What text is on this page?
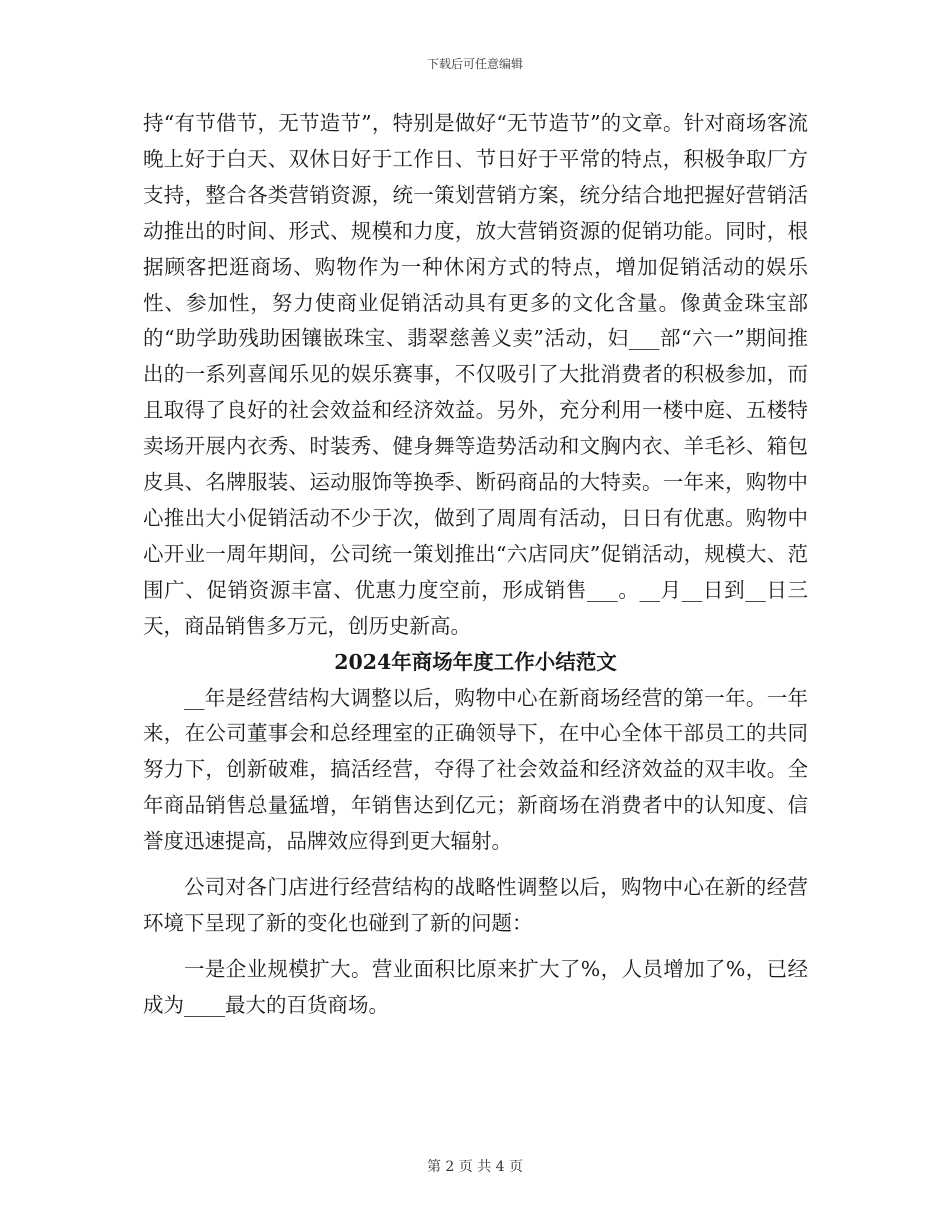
下载后可任意编辑

持“有节借节，无节造节”，特别是做好“无节造节”的文章。针对商场客流晚上好于白天、双休日好于工作日、节日好于平常的特点，积极争取厂方支持，整合各类营销资源，统一策划营销方案，统分结合地把握好营销活动推出的时间、形式、规模和力度，放大营销资源的促销功能。同时，根据顾客把逛商场、购物作为一种休闲方式的特点，增加促销活动的娱乐性、参加性，努力使商业促销活动具有更多的文化含量。像黄金珠宝部的“助学助残助困镶嵌珠宝、翡翠慈善义卖”活动，妇___部“六一”期间推出的一系列喜闻乐见的娱乐赛事，不仅吸引了大批消费者的积极参加，而且取得了良好的社会效益和经济效益。另外，充分利用一楼中庭、五楼特卖场开展内衣秀、时装秀、健身舞等造势活动和文胸内衣、羊毛衫、箱包皮具、名牌服装、运动服饰等换季、断码商品的大特卖。一年来，购物中心推出大小促销活动不少于次，做到了周周有活动，日日有优惠。购物中心开业一周年期间，公司统一策划推出“六店同庆”促销活动，规模大、范围广、促销资源丰富、优惠力度空前，形成销售___。__月__日到__日三天，商品销售多万元，创历史新高。

2024年商场年度工作小结范文

__年是经营结构大调整以后，购物中心在新商场经营的第一年。一年来，在公司董事会和总经理室的正确领导下，在中心全体干部员工的共同努力下，创新破难，搞活经营，夺得了社会效益和经济效益的双丰收。全年商品销售总量猛增，年销售达到亿元；新商场在消费者中的认知度、信誉度迅速提高，品牌效应得到更大辐射。

公司对各门店进行经营结构的战略性调整以后，购物中心在新的经营环境下呈现了新的变化也碰到了新的问题：

一是企业规模扩大。营业面积比原来扩大了%，人员增加了%，已经成为____最大的百货商场。

第 2 页 共 4 页
